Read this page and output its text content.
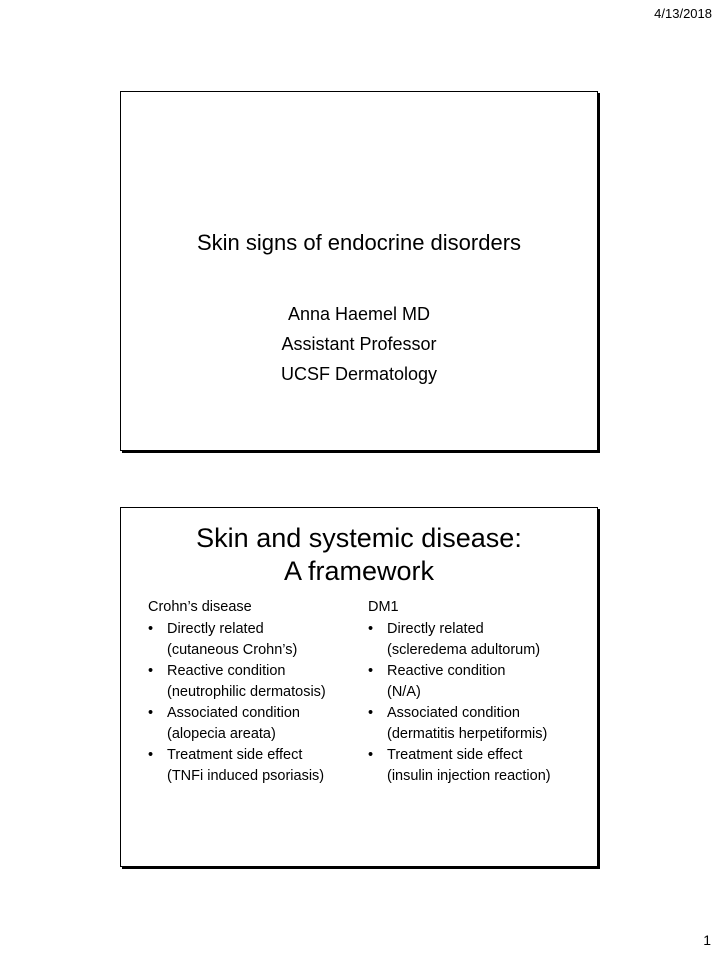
4/13/2018
Skin signs of endocrine disorders
Anna Haemel MD
Assistant Professor
UCSF Dermatology
Skin and systemic disease:
A framework
Crohn’s disease
• Directly related
(cutaneous Crohn’s)
• Reactive condition
(neutrophilic dermatosis)
• Associated condition
(alopecia areata)
• Treatment side effect
(TNFi induced psoriasis)
DM1
• Directly related
(scleredema adultorum)
• Reactive condition
(N/A)
• Associated condition
(dermatitis herpetiformis)
• Treatment side effect
(insulin injection reaction)
1
